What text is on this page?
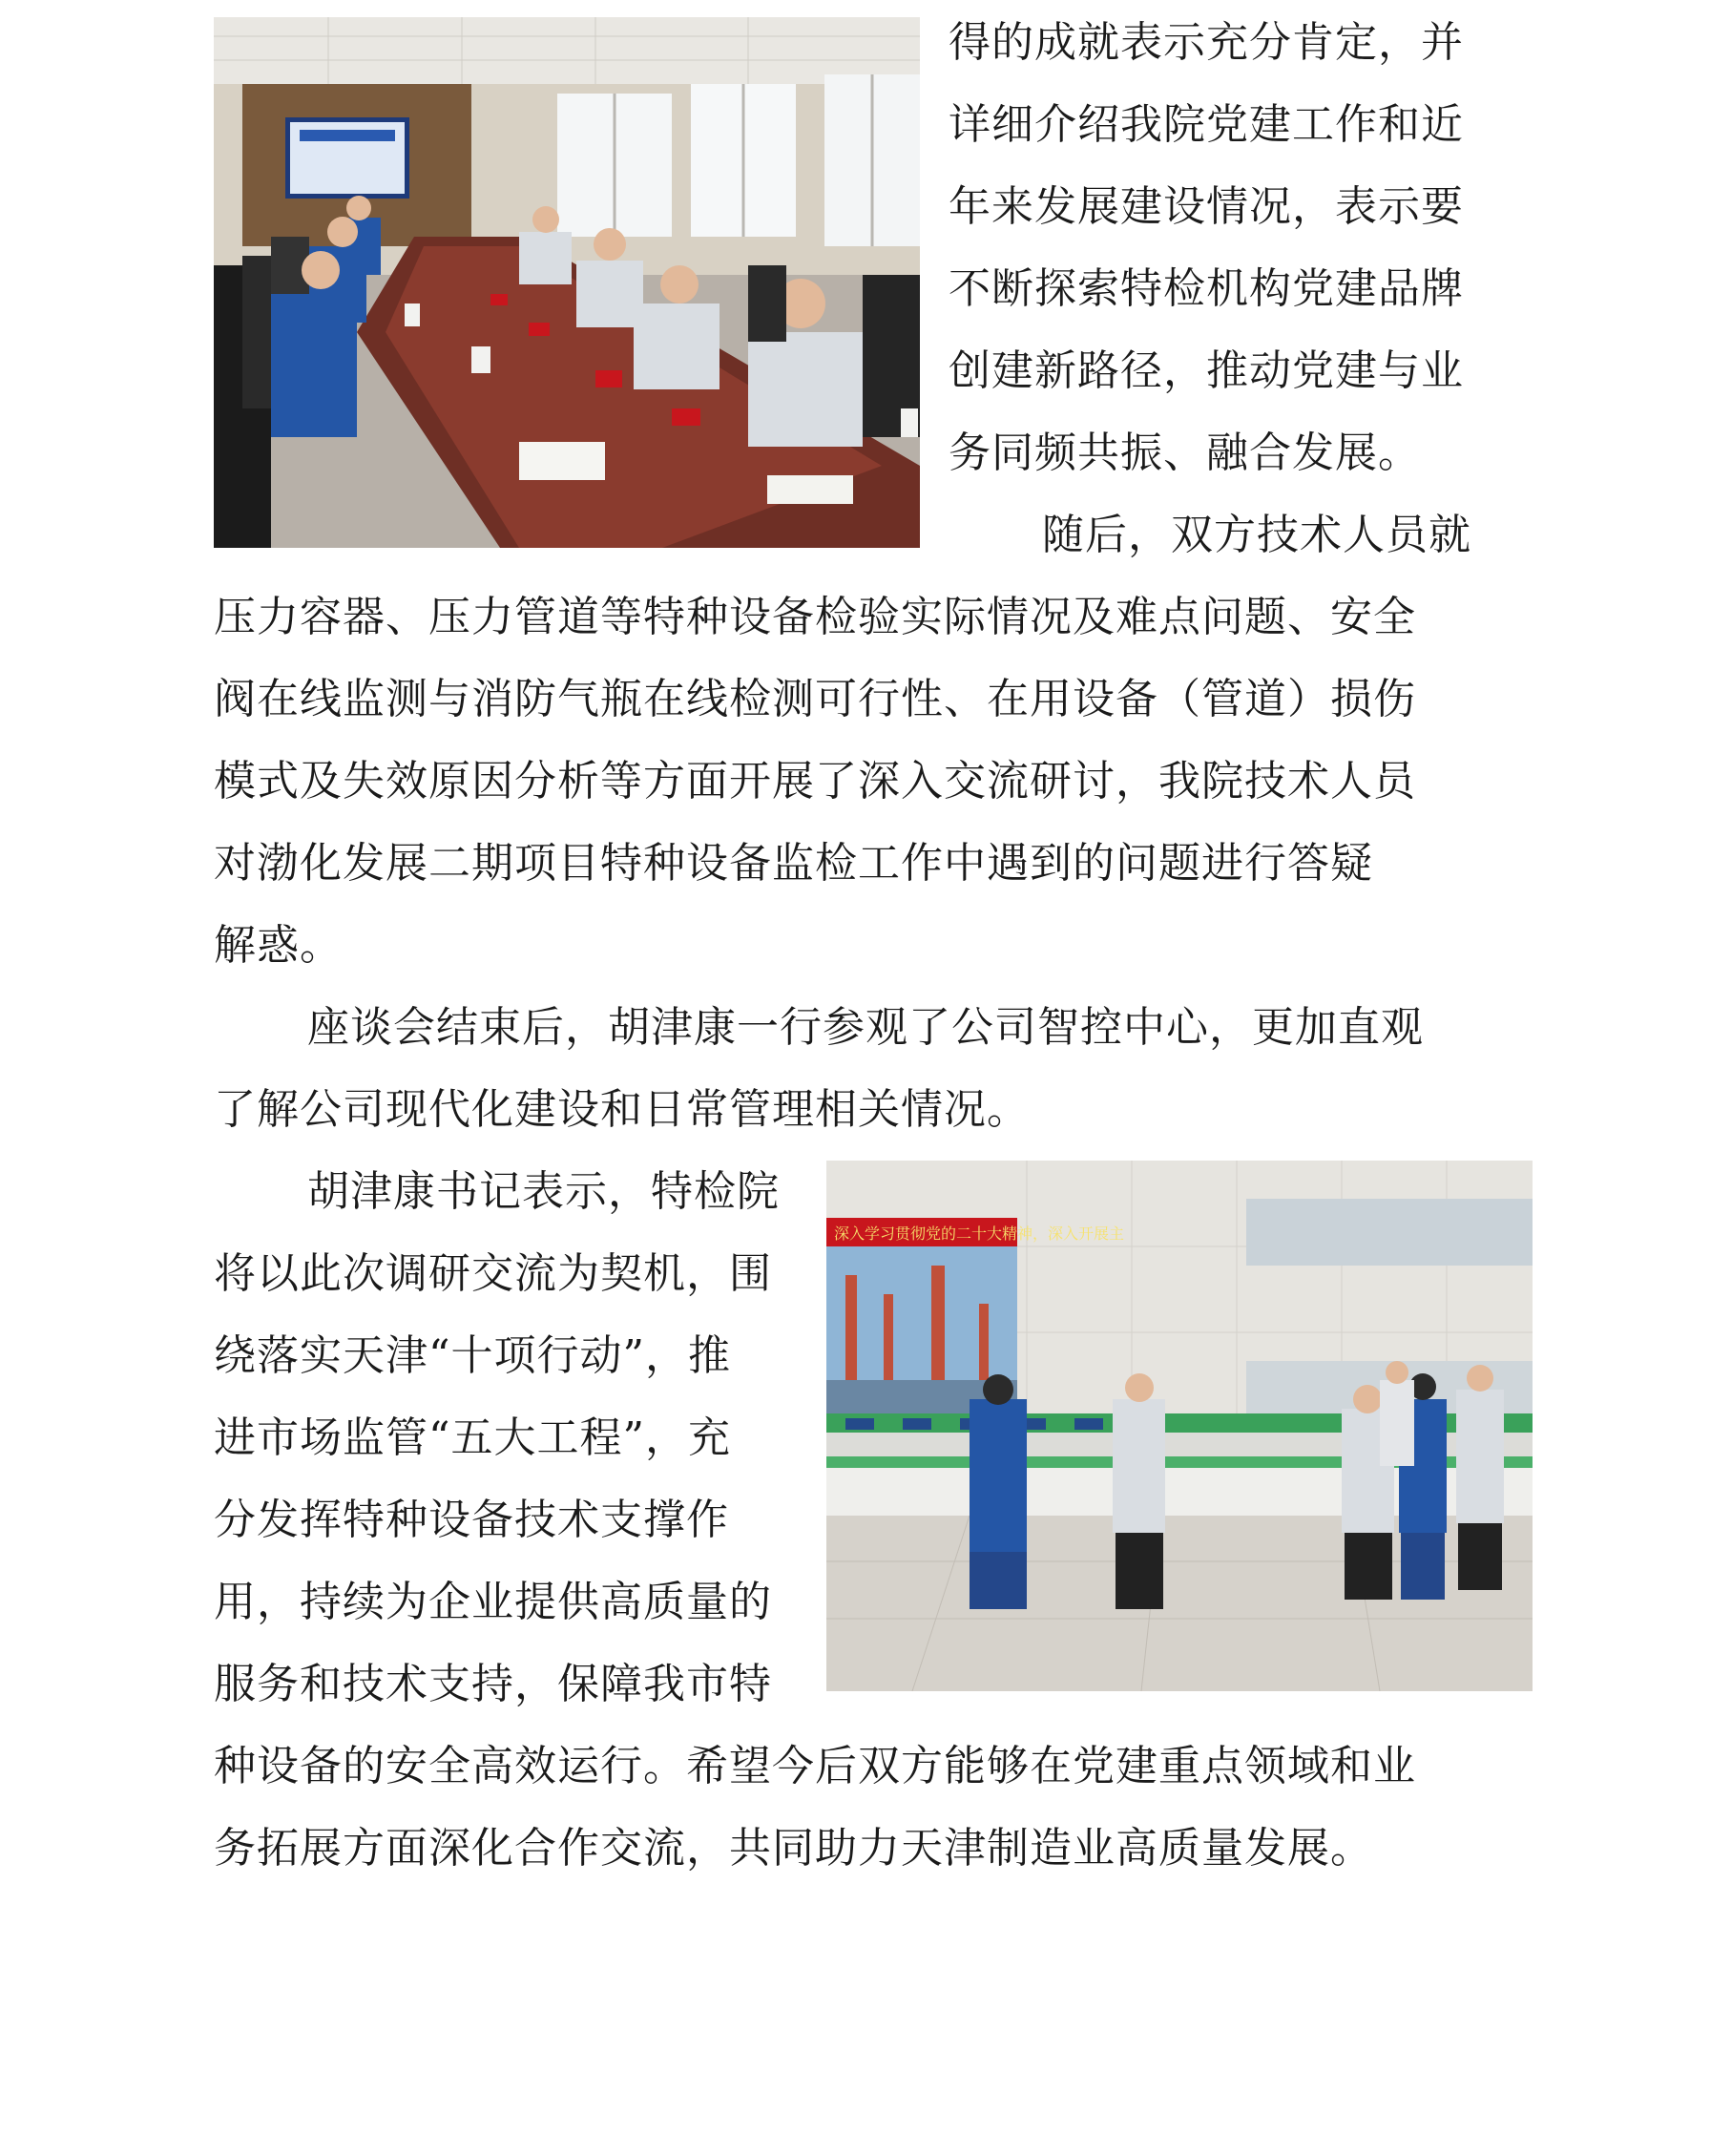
深入学习贯彻党的二十大精神，深入开展主
得的成就表示充分肯定，并
详细介绍我院党建工作和近
年来发展建设情况，表示要
不断探索特检机构党建品牌
创建新路径，推动党建与业
务同频共振、融合发展。
随后，双方技术人员就
压力容器、压力管道等特种设备检验实际情况及难点问题、安全
阀在线监测与消防气瓶在线检测可行性、在用设备（管道）损伤
模式及失效原因分析等方面开展了深入交流研讨，我院技术人员
对渤化发展二期项目特种设备监检工作中遇到的问题进行答疑
解惑。
座谈会结束后，胡津康一行参观了公司智控中心，更加直观
了解公司现代化建设和日常管理相关情况。
胡津康书记表示，特检院
将以此次调研交流为契机，围
绕落实天津“十项行动”，推
进市场监管“五大工程”，充
分发挥特种设备技术支撑作
用，持续为企业提供高质量的
服务和技术支持，保障我市特
种设备的安全高效运行。希望今后双方能够在党建重点领域和业
务拓展方面深化合作交流，共同助力天津制造业高质量发展。
